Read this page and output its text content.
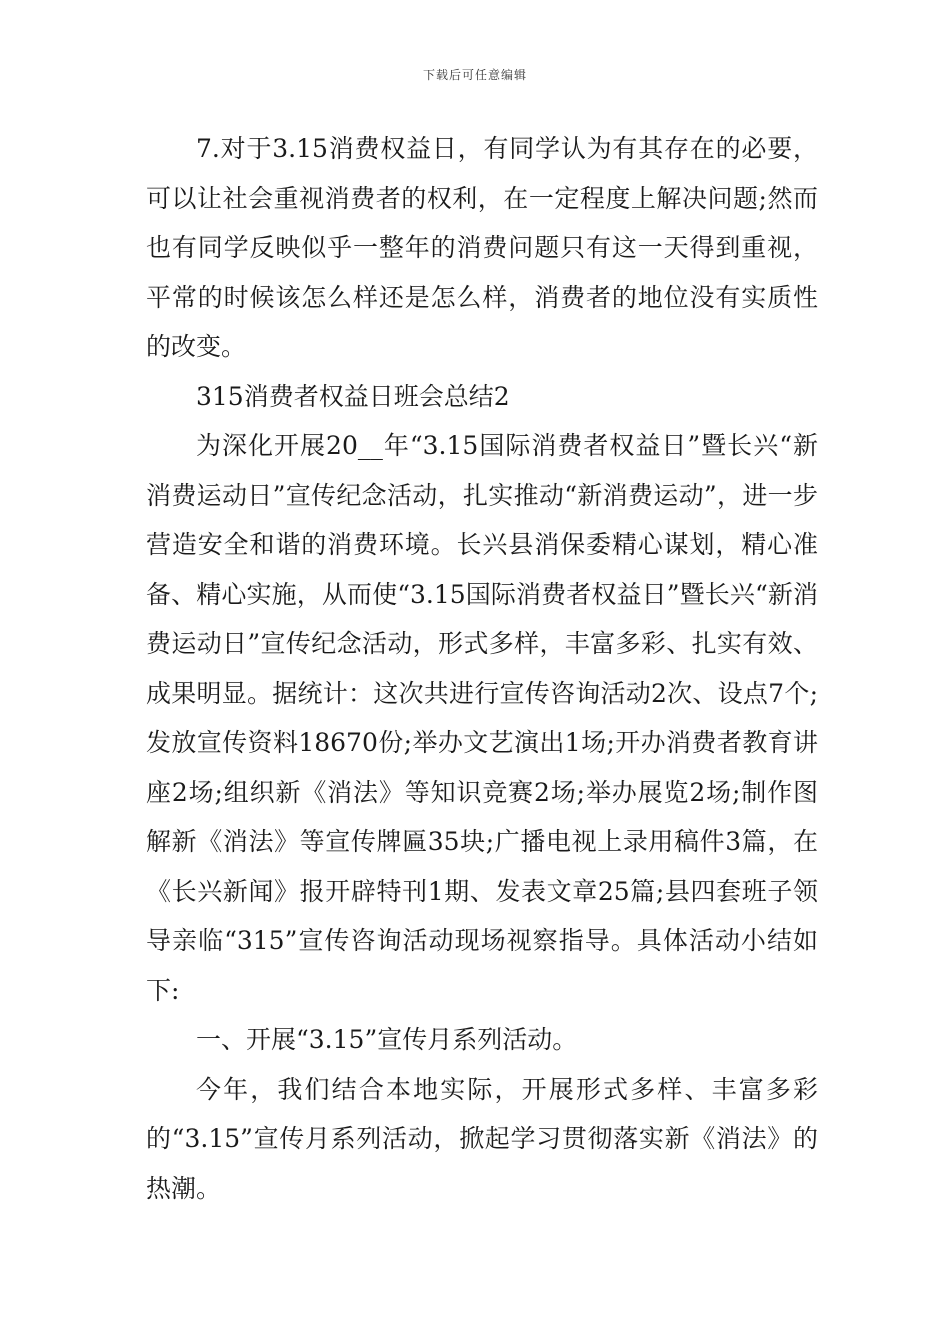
下载后可任意编辑

7.对于3.15消费权益日，有同学认为有其存在的必要，可以让社会重视消费者的权利，在一定程度上解决问题;然而也有同学反映似乎一整年的消费问题只有这一天得到重视，平常的时候该怎么样还是怎么样，消费者的地位没有实质性的改变。

315消费者权益日班会总结2

为深化开展20__年“3.15国际消费者权益日”暨长兴“新消费运动日”宣传纪念活动，扎实推动“新消费运动”，进一步营造安全和谐的消费环境。长兴县消保委精心谋划，精心准备、精心实施，从而使“3.15国际消费者权益日”暨长兴“新消费运动日”宣传纪念活动，形式多样，丰富多彩、扎实有效、成果明显。据统计：这次共进行宣传咨询活动2次、设点7个;发放宣传资料18670份;举办文艺演出1场;开办消费者教育讲座2场;组织新《消法》等知识竞赛2场;举办展览2场;制作图解新《消法》等宣传牌匾35块;广播电视上录用稿件3篇，在《长兴新闻》报开辟特刊1期、发表文章25篇;县四套班子领导亲临“315”宣传咨询活动现场视察指导。具体活动小结如下:

一、开展“3.15”宣传月系列活动。

今年，我们结合本地实际，开展形式多样、丰富多彩的“3.15”宣传月系列活动，掀起学习贯彻落实新《消法》的热潮。
